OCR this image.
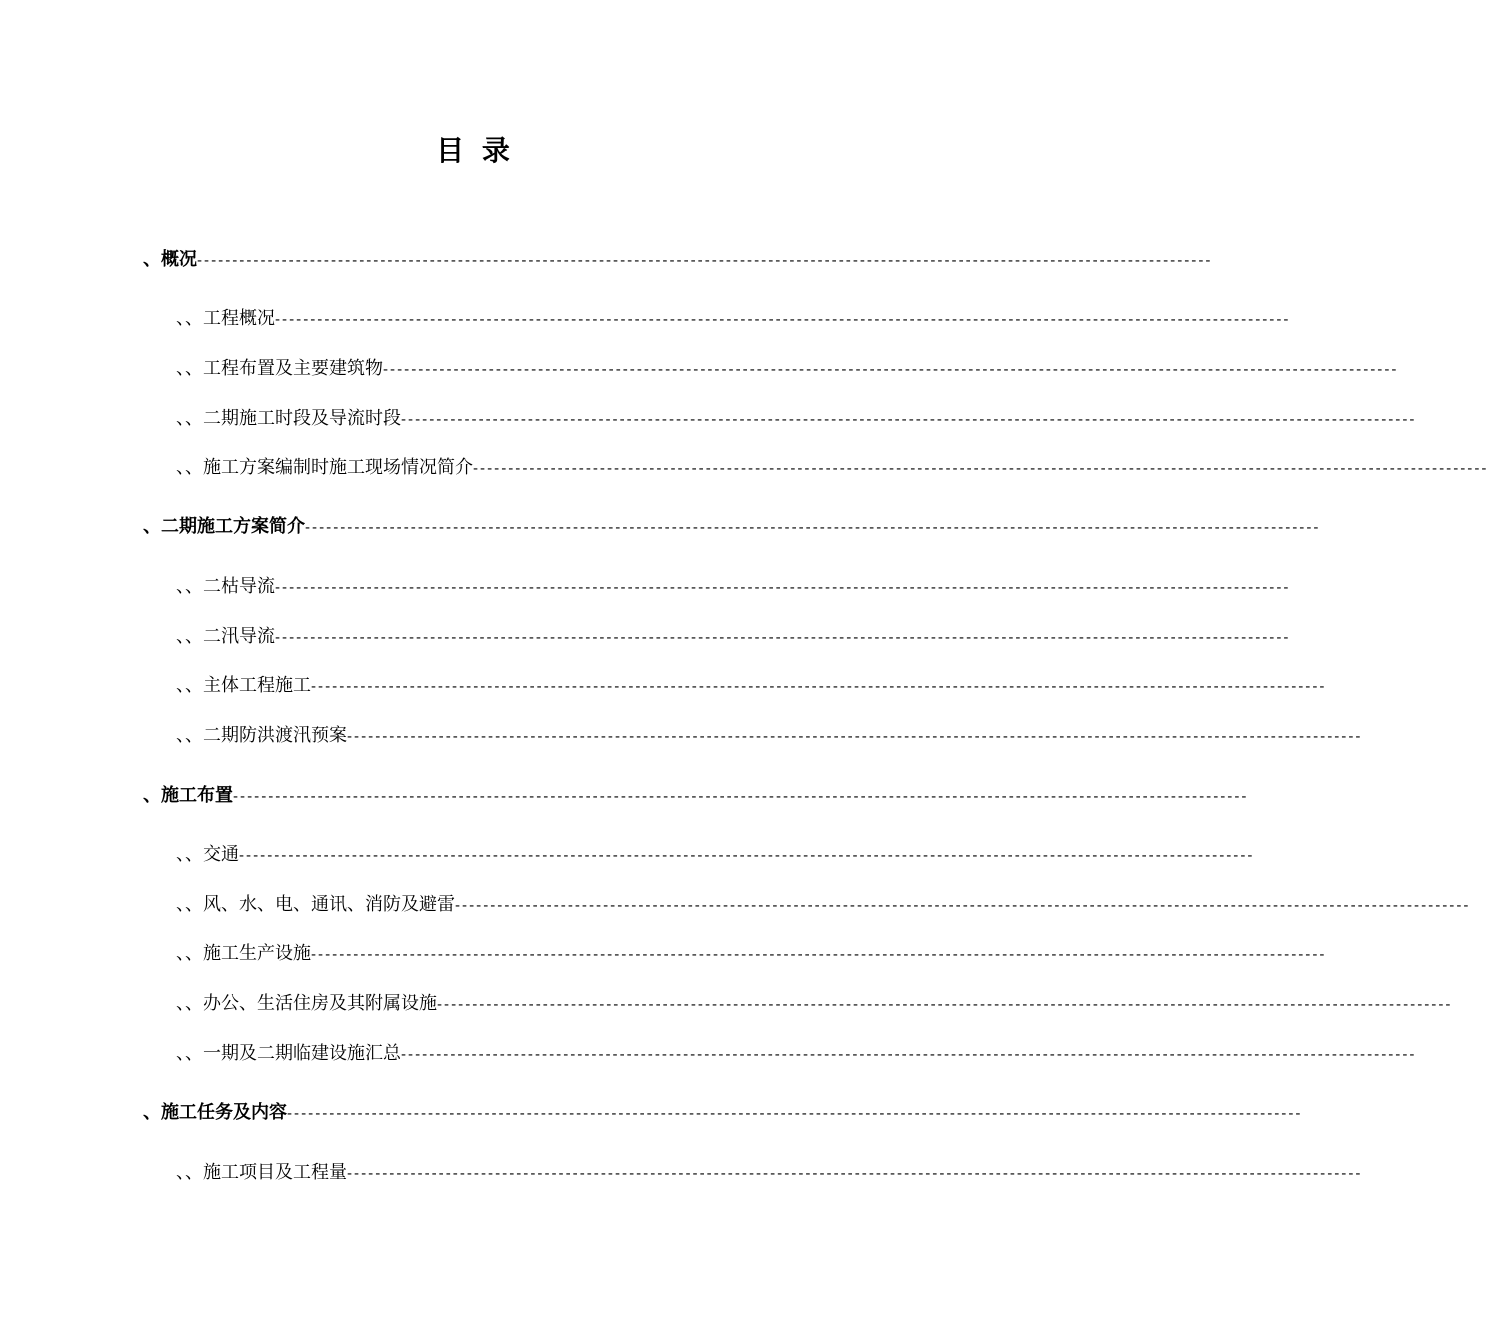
目 录
、 概况 ------------------------------------------------------------------------------------------------------------------------------------------------
、、 工程概况 ------------------------------------------------------------------------------------------------------------------------------------------------
、、 工程布置及主要建筑物 ------------------------------------------------------------------------------------------------------------------------------------------------
、、 二期施工时段及导流时段 ------------------------------------------------------------------------------------------------------------------------------------------------
、、 施工方案编制时施工现场情况简介 ------------------------------------------------------------------------------------------------------------------------------------------------
、 二期施工方案简介 ------------------------------------------------------------------------------------------------------------------------------------------------
、、 二枯导流 ------------------------------------------------------------------------------------------------------------------------------------------------
、、 二汛导流 ------------------------------------------------------------------------------------------------------------------------------------------------
、、 主体工程施工 ------------------------------------------------------------------------------------------------------------------------------------------------
、、 二期防洪渡汛预案 ------------------------------------------------------------------------------------------------------------------------------------------------
、 施工布置 ------------------------------------------------------------------------------------------------------------------------------------------------
、、 交通 ------------------------------------------------------------------------------------------------------------------------------------------------
、、 风、水、电、通讯、消防及避雷 ------------------------------------------------------------------------------------------------------------------------------------------------
、、 施工生产设施 ------------------------------------------------------------------------------------------------------------------------------------------------
、、 办公、生活住房及其附属设施 ------------------------------------------------------------------------------------------------------------------------------------------------
、、 一期及二期临建设施汇总 ------------------------------------------------------------------------------------------------------------------------------------------------
、 施工任务及内容 ------------------------------------------------------------------------------------------------------------------------------------------------
、、 施工项目及工程量 ------------------------------------------------------------------------------------------------------------------------------------------------
